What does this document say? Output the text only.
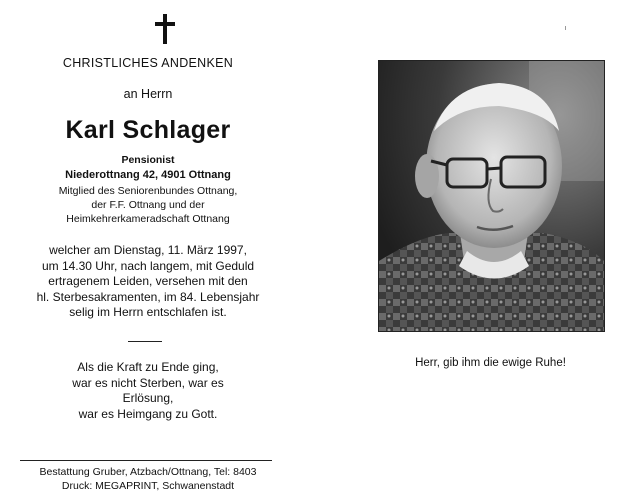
CHRISTLICHES ANDENKEN
an Herrn
Karl Schlager
Pensionist
Niederottnang 42, 4901 Ottnang
Mitglied des Seniorenbundes Ottnang,
der F.F. Ottnang und der
Heimkehrerkameradschaft Ottnang
welcher am Dienstag, 11. März 1997,
um 14.30 Uhr, nach langem, mit Geduld
ertragenem Leiden, versehen mit den
hl. Sterbesakramenten, im 84. Lebensjahr
selig im Herrn entschlafen ist.
Als die Kraft zu Ende ging,
war es nicht Sterben, war es
Erlösung,
war es Heimgang zu Gott.
Bestattung Gruber, Atzbach/Ottnang, Tel: 8403
Druck: MEGAPRINT, Schwanenstadt
Herr, gib ihm die ewige Ruhe!
